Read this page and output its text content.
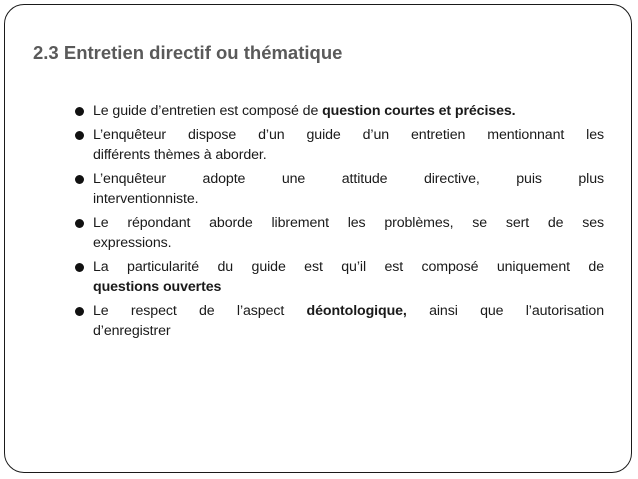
2.3 Entretien directif ou thématique
Le guide d’entretien est composé de question courtes et précises.
L’enquêteur dispose d’un guide d’un entretien mentionnant les
différents thèmes à aborder.
L’enquêteur adopte une attitude directive, puis plus
interventionniste.
Le répondant aborde librement les problèmes, se sert de ses
expressions.
La particularité du guide est qu’il est composé uniquement de
questions ouvertes
Le respect de l’aspect déontologique, ainsi que l’autorisation
d’enregistrer
